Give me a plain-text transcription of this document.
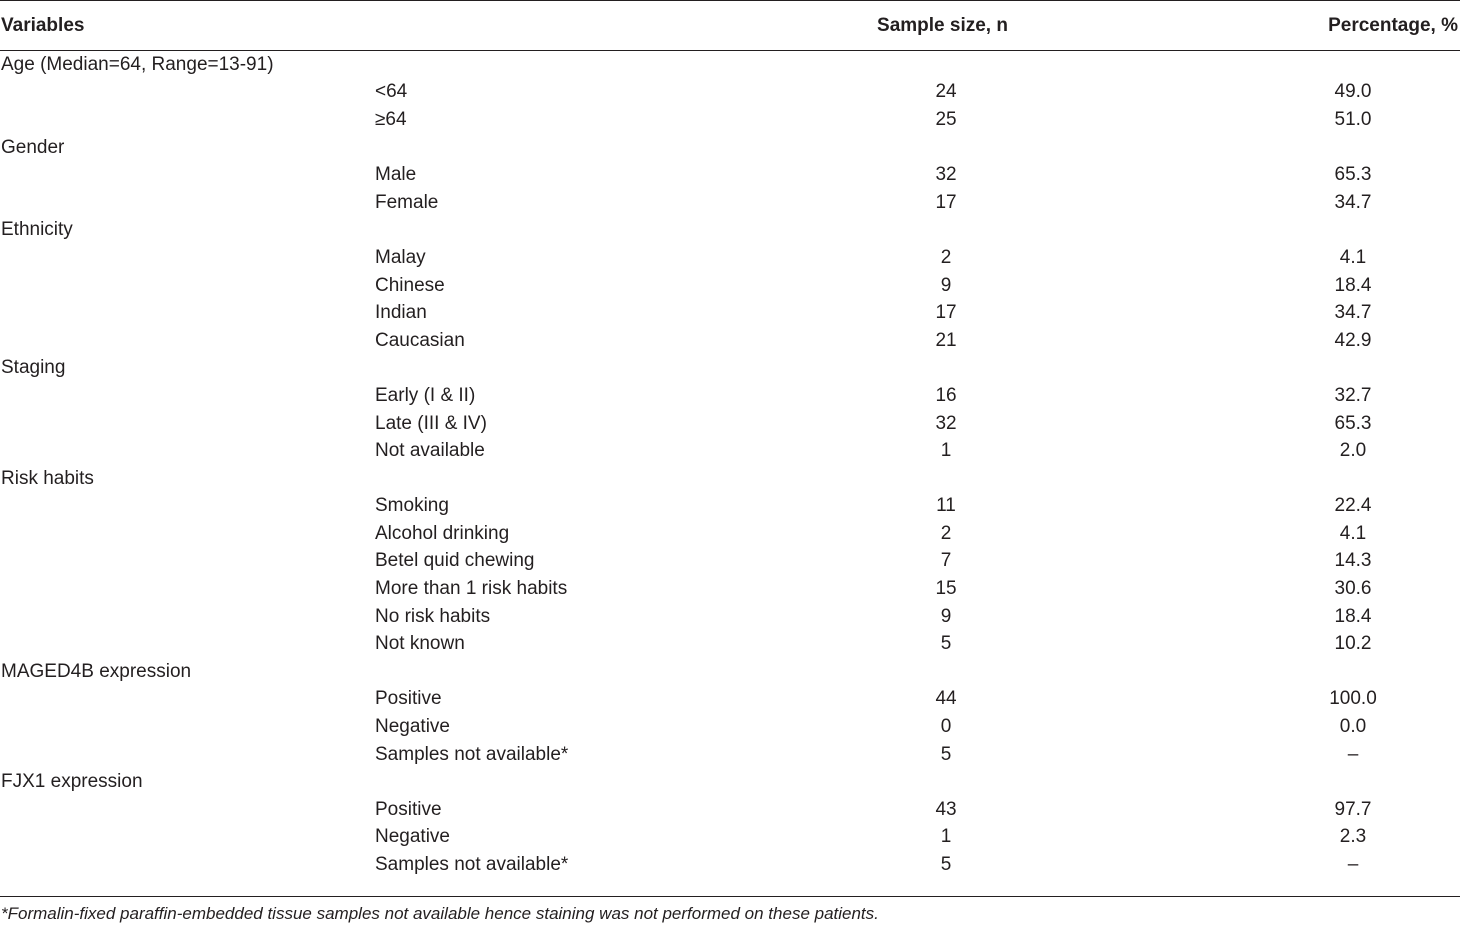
Variables		Sample size, n	Percentage, %
Age (Median=64, Range=13-91)			
	<64	24	49.0
	≥64	25	51.0
Gender			
	Male	32	65.3
	Female	17	34.7
Ethnicity			
	Malay	2	4.1
	Chinese	9	18.4
	Indian	17	34.7
	Caucasian	21	42.9
Staging			
	Early (I & II)	16	32.7
	Late (III & IV)	32	65.3
	Not available	1	2.0
Risk habits			
	Smoking	11	22.4
	Alcohol drinking	2	4.1
	Betel quid chewing	7	14.3
	More than 1 risk habits	15	30.6
	No risk habits	9	18.4
	Not known	5	10.2
MAGED4B expression			
	Positive	44	100.0
	Negative	0	0.0
	Samples not available*	5	–
FJX1 expression			
	Positive	43	97.7
	Negative	1	2.3
	Samples not available*	5	–
*Formalin-fixed paraffin-embedded tissue samples not available hence staining was not performed on these patients.
